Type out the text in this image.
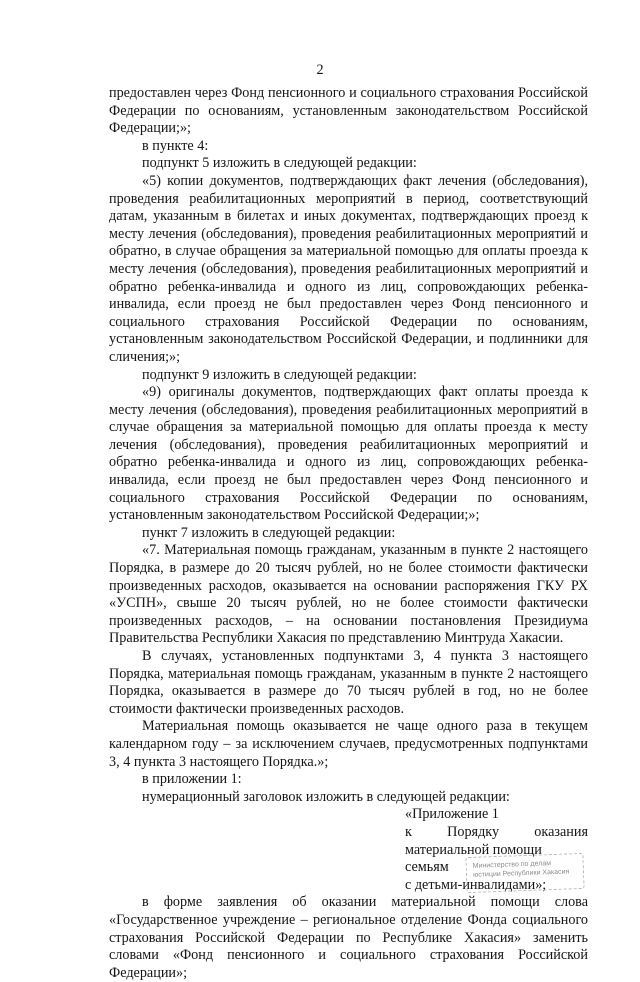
2

предоставлен через Фонд пенсионного и социального страхования Российской Федерации по основаниям, установленным законодательством Российской Федерации;»;

в пункте 4:

подпункт 5 изложить в следующей редакции:

«5) копии документов, подтверждающих факт лечения (обследования), проведения реабилитационных мероприятий в период, соответствующий датам, указанным в билетах и иных документах, подтверждающих проезд к месту лечения (обследования), проведения реабилитационных мероприятий и обратно, в случае обращения за материальной помощью для оплаты проезда к месту лечения (обследования), проведения реабилитационных мероприятий и обратно ребенка-инвалида и одного из лиц, сопровождающих ребенка-инвалида, если проезд не был предоставлен через Фонд пенсионного и социального страхования Российской Федерации по основаниям, установленным законодательством Российской Федерации, и подлинники для сличения;»;

подпункт 9 изложить в следующей редакции:

«9) оригиналы документов, подтверждающих факт оплаты проезда к месту лечения (обследования), проведения реабилитационных мероприятий в случае обращения за материальной помощью для оплаты проезда к месту лечения (обследования), проведения реабилитационных мероприятий и обратно ребенка-инвалида и одного из лиц, сопровождающих ребенка-инвалида, если проезд не был предоставлен через Фонд пенсионного и социального страхования Российской Федерации по основаниям, установленным законодательством Российской Федерации;»;

пункт 7 изложить в следующей редакции:

«7. Материальная помощь гражданам, указанным в пункте 2 настоящего Порядка, в размере до 20 тысяч рублей, но не более стоимости фактически произведенных расходов, оказывается на основании распоряжения ГКУ РХ «УСПН», свыше 20 тысяч рублей, но не более стоимости фактически произведенных расходов, – на основании постановления Президиума Правительства Республики Хакасия по представлению Минтруда Хакасии.

В случаях, установленных подпунктами 3, 4 пункта 3 настоящего Порядка, материальная помощь гражданам, указанным в пункте 2 настоящего Порядка, оказывается в размере до 70 тысяч рублей в год, но не более стоимости фактически произведенных расходов.

Материальная помощь оказывается не чаще одного раза в текущем календарном году – за исключением случаев, предусмотренных подпунктами 3, 4 пункта 3 настоящего Порядка.»;

в приложении 1:

нумерационный заголовок изложить в следующей редакции:

«Приложение 1
к Порядку оказания
материальной помощи семьям
с детьми-инвалидами»;

в форме заявления об оказании материальной помощи слова «Государственное учреждение – региональное отделение Фонда социального страхования Российской Федерации по Республике Хакасия» заменить словами «Фонд пенсионного и социального страхования Российской Федерации»;

Министерство по делам
юстиции Республики Хакасия
